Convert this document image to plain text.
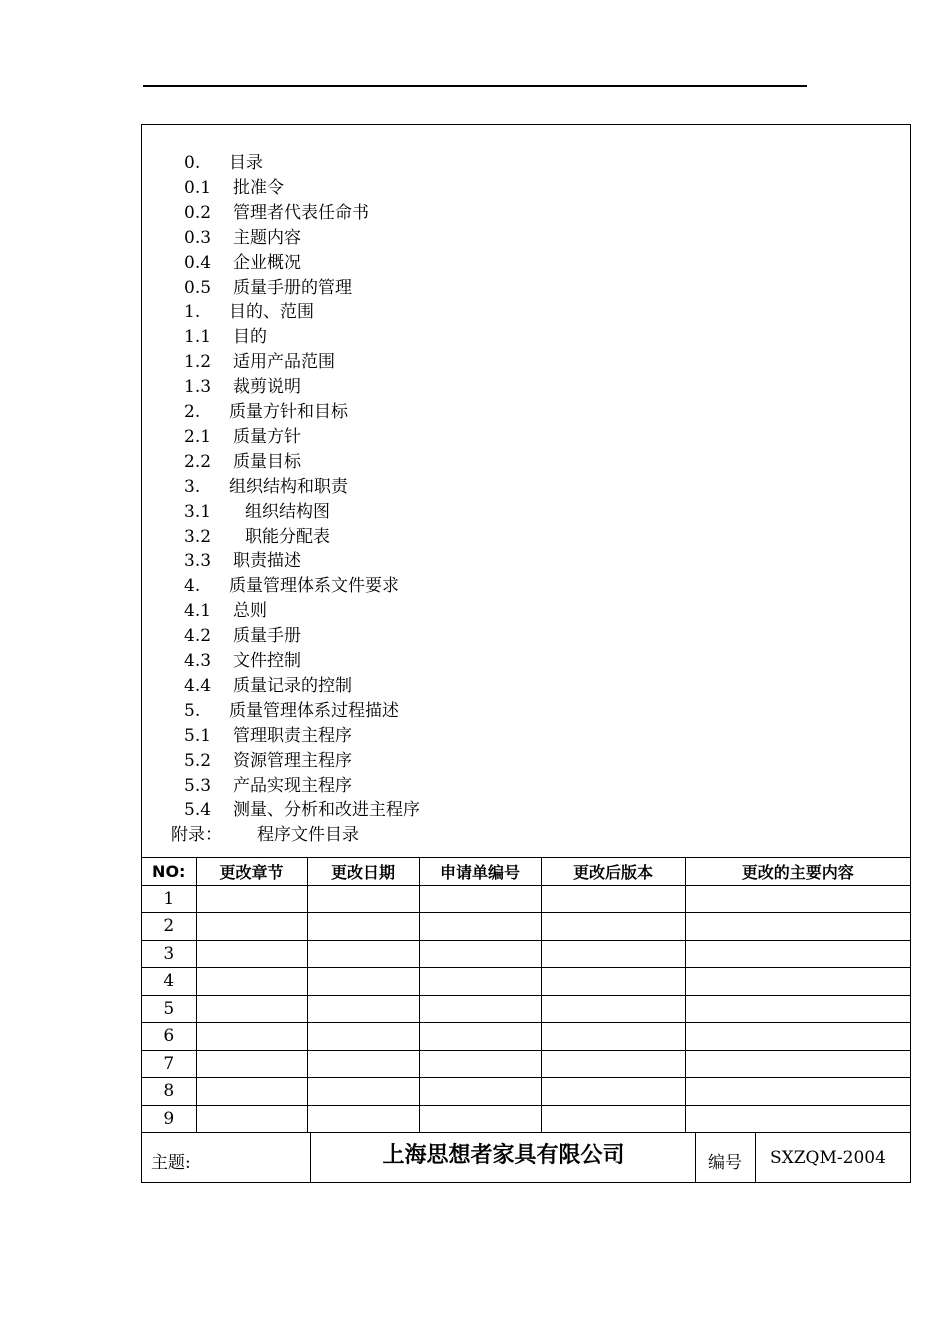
0. 目录
0.1 批准令
0.2 管理者代表任命书
0.3 主题内容
0.4 企业概况
0.5 质量手册的管理
1. 目的、范围
1.1 目的
1.2 适用产品范围
1.3 裁剪说明
2. 质量方针和目标
2.1 质量方针
2.2 质量目标
3. 组织结构和职责
3.1 组织结构图
3.2 职能分配表
3.3 职责描述
4. 质量管理体系文件要求
4.1 总则
4.2 质量手册
4.3 文件控制
4.4 质量记录的控制
5. 质量管理体系过程描述
5.1 管理职责主程序
5.2 资源管理主程序
5.3 产品实现主程序
5.4 测量、分析和改进主程序
附录： 程序文件目录
NO:	更改章节	更改日期	申请单编号	更改后版本	更改的主要内容
1					
2					
3					
4					
5					
6					
7					
8					
9					
主题:	上海思想者家具有限公司	编号 SXZQM-2004
